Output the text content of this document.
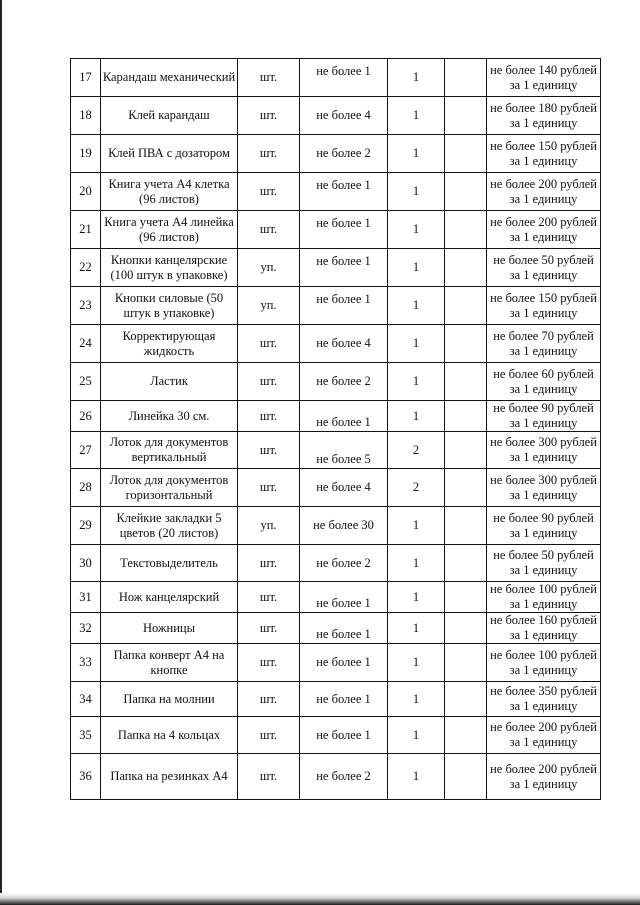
17	Карандаш механический	шт.	не более 1	1		не более 140 рублей за 1 единицу
18	Клей карандаш	шт.	не более 4	1		не более 180 рублей за 1 единицу
19	Клей ПВА с дозатором	шт.	не более 2	1		не более 150 рублей за 1 единицу
20	Книга учета А4 клетка (96 листов)	шт.	не более 1	1		не более 200 рублей за 1 единицу
21	Книга учета А4 линейка (96 листов)	шт.	не более 1	1		не более 200 рублей за 1 единицу
22	Кнопки канцелярские (100 штук в упаковке)	уп.	не более 1	1		не более 50 рублей за 1 единицу
23	Кнопки силовые (50 штук в упаковке)	уп.	не более 1	1		не более 150 рублей за 1 единицу
24	Корректирующая жидкость	шт.	не более 4	1		не более 70 рублей за 1 единицу
25	Ластик	шт.	не более 2	1		не более 60 рублей за 1 единицу
26	Линейка 30 см.	шт.	не более 1	1		не более 90 рублей за 1 единицу
27	Лоток для документов вертикальный	шт.	не более 5	2		не более 300 рублей за 1 единицу
28	Лоток для документов горизонтальный	шт.	не более 4	2		не более 300 рублей за 1 единицу
29	Клейкие закладки 5 цветов (20 листов)	уп.	не более 30	1		не более 90 рублей за 1 единицу
30	Текстовыделитель	шт.	не более 2	1		не более 50 рублей за 1 единицу
31	Нож канцелярский	шт.	не более 1	1		не более 100 рублей за 1 единицу
32	Ножницы	шт.	не более 1	1		не более 160 рублей за 1 единицу
33	Папка конверт А4 на кнопке	шт.	не более 1	1		не более 100 рублей за 1 единицу
34	Папка на молнии	шт.	не более 1	1		не более 350 рублей за 1 единицу
35	Папка на 4 кольцах	шт.	не более 1	1		не более 200 рублей за 1 единицу
36	Папка на резинках А4	шт.	не более 2	1		не более 200 рублей за 1 единицу
